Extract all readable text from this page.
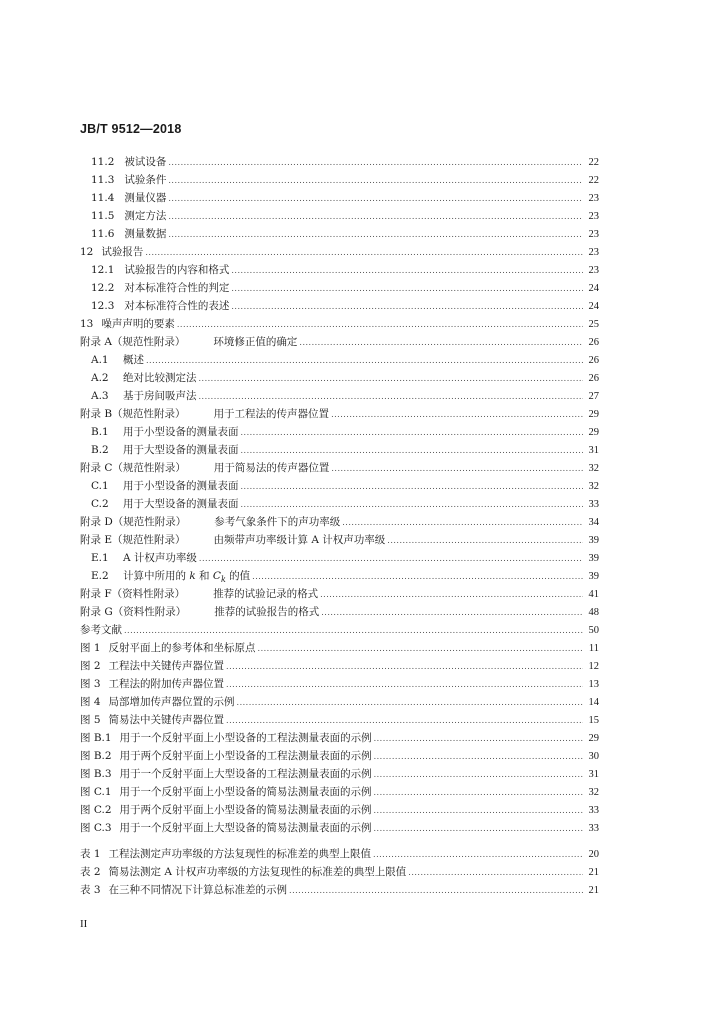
JB/T 9512—2018
11.2 被试设备 .....	22
11.3 试验条件 .....	22
11.4 测量仪器 .....	23
11.5 测定方法 .....	23
11.6 测量数据 .....	23
12 试验报告 .....	23
12.1 试验报告的内容和格式 .....	23
12.2 对本标准符合性的判定 .....	24
12.3 对本标准符合性的表述 .....	24
13 噪声声明的要素 .....	25
附录 A（规范性附录）	环境修正值的确定 .....	26
A.1	概述 .....	26
A.2	绝对比较测定法 .....	26
A.3	基于房间吸声法 .....	27
附录 B（规范性附录）	用于工程法的传声器位置 .....	29
B.1	用于小型设备的测量表面 .....	29
B.2	用于大型设备的测量表面 .....	31
附录 C（规范性附录）	用于简易法的传声器位置 .....	32
C.1	用于小型设备的测量表面 .....	32
C.2	用于大型设备的测量表面 .....	33
附录 D（规范性附录）	参考气象条件下的声功率级 .....	34
附录 E（规范性附录）	由频带声功率级计算 A 计权声功率级 .....	39
E.1	A 计权声功率级 .....	39
E.2	计算中所用的 k 和 $C_k$ 的值 .....	39
附录 F（资料性附录）	推荐的试验记录的格式 .....	41
附录 G（资料性附录）	推荐的试验报告的格式 .....	48
参考文献 .....	50
图 1 反射平面上的参考体和坐标原点 .....	11
图 2 工程法中关键传声器位置 .....	12
图 3 工程法的附加传声器位置 .....	13
图 4 局部增加传声器位置的示例 .....	14
图 5 简易法中关键传声器位置 .....	15
图 B.1 用于一个反射平面上小型设备的工程法测量表面的示例 .....	29
图 B.2 用于两个反射平面上小型设备的工程法测量表面的示例 .....	30
图 B.3 用于一个反射平面上大型设备的工程法测量表面的示例 .....	31
图 C.1 用于一个反射平面上小型设备的简易法测量表面的示例 .....	32
图 C.2 用于两个反射平面上小型设备的简易法测量表面的示例 .....	33
图 C.3 用于一个反射平面上大型设备的简易法测量表面的示例 .....	33
表 1 工程法测定声功率级的方法复现性的标准差的典型上限值 .....	20
表 2 简易法测定 A 计权声功率级的方法复现性的标准差的典型上限值 .....	21
表 3 在三种不同情况下计算总标准差的示例 .....	21
II
